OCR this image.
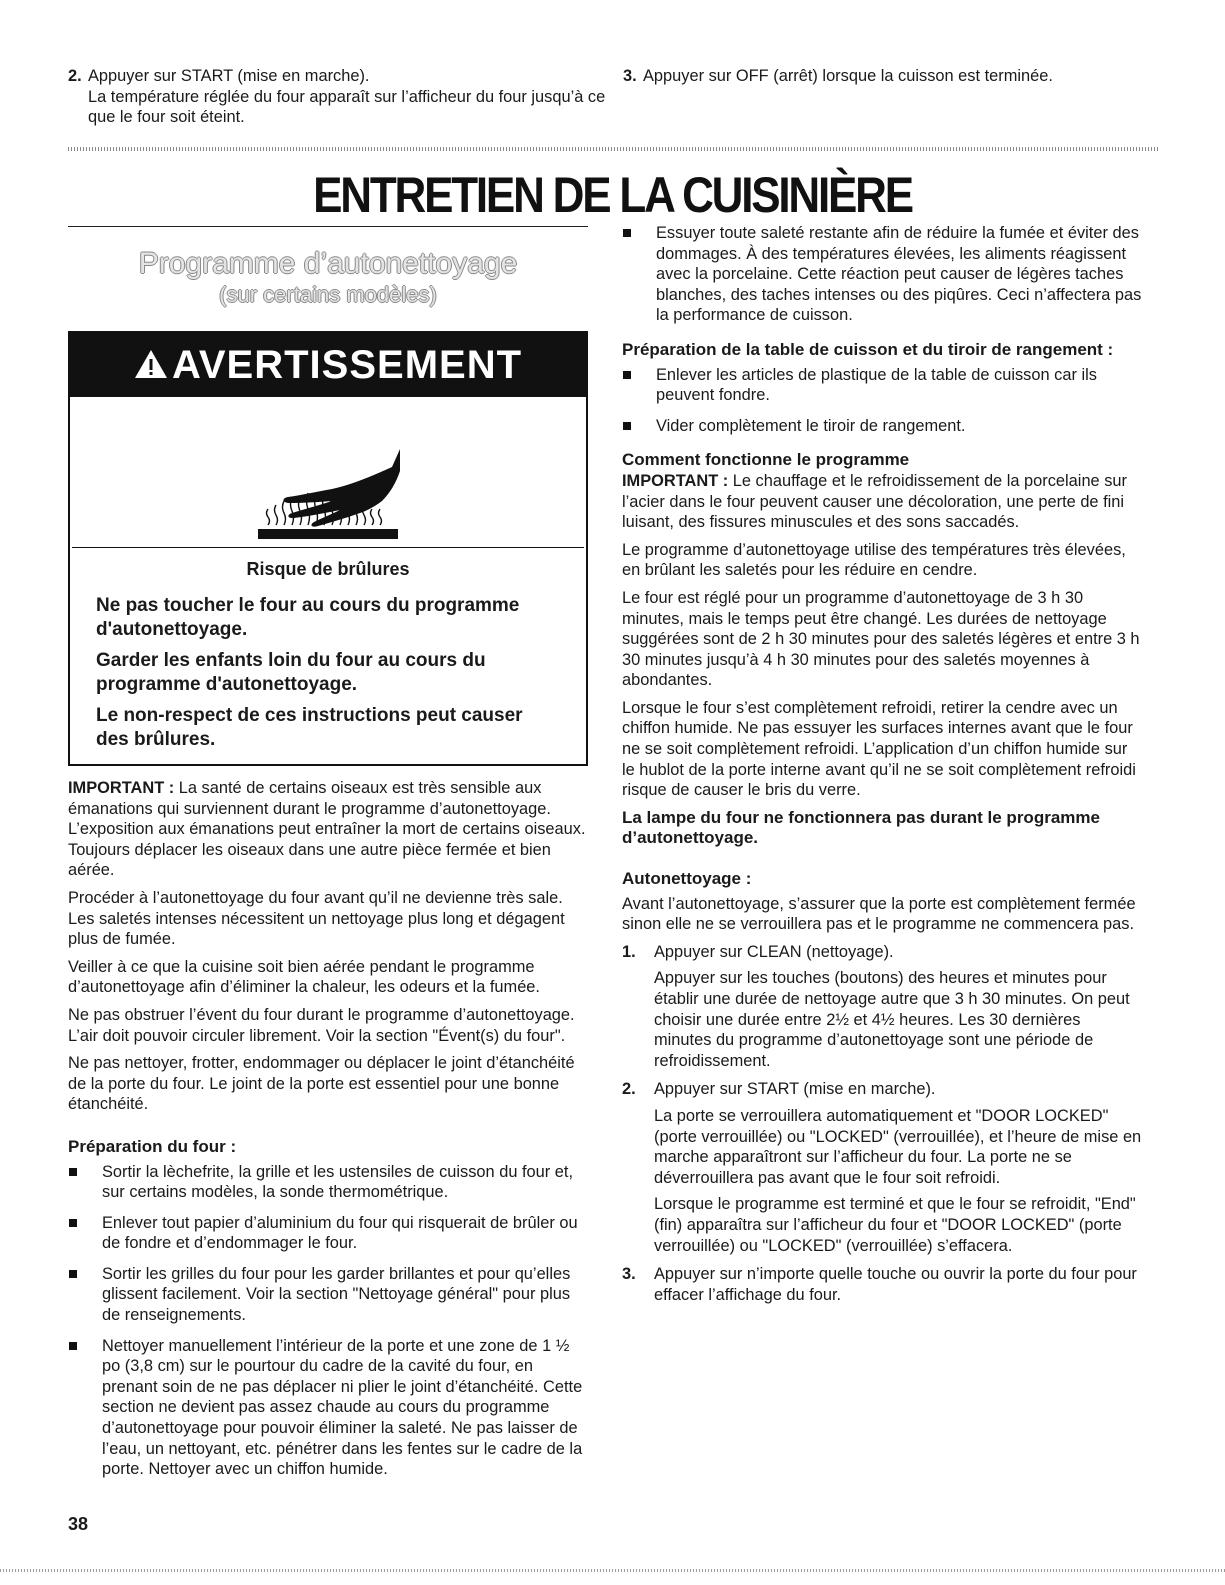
2. Appuyer sur START (mise en marche).
La température réglée du four apparaît sur l’afficheur du four jusqu’à ce que le four soit éteint.
3. Appuyer sur OFF (arrêt) lorsque la cuisson est terminée.
ENTRETIEN DE LA CUISINIÈRE
Programme d’autonettoyage
(sur certains modèles)
AVERTISSEMENT
Risque de brûlures

Ne pas toucher le four au cours du programme d'autonettoyage.

Garder les enfants loin du four au cours du programme d'autonettoyage.

Le non-respect de ces instructions peut causer des brûlures.

IMPORTANT : La santé de certains oiseaux est très sensible aux émanations qui surviennent durant le programme d’autonettoyage. L’exposition aux émanations peut entraîner la mort de certains oiseaux. Toujours déplacer les oiseaux dans une autre pièce fermée et bien aérée.

Procéder à l’autonettoyage du four avant qu’il ne devienne très sale. Les saletés intenses nécessitent un nettoyage plus long et dégagent plus de fumée.

Veiller à ce que la cuisine soit bien aérée pendant le programme d’autonettoyage afin d’éliminer la chaleur, les odeurs et la fumée.

Ne pas obstruer l’évent du four durant le programme d’autonettoyage. L’air doit pouvoir circuler librement. Voir la section "Évent(s) du four".

Ne pas nettoyer, frotter, endommager ou déplacer le joint d’étanchéité de la porte du four. Le joint de la porte est essentiel pour une bonne étanchéité.

Préparation du four :

Sortir la lèchefrite, la grille et les ustensiles de cuisson du four et, sur certains modèles, la sonde thermométrique.
Enlever tout papier d’aluminium du four qui risquerait de brûler ou de fondre et d’endommager le four.
Sortir les grilles du four pour les garder brillantes et pour qu’elles glissent facilement. Voir la section "Nettoyage général" pour plus de renseignements.
Nettoyer manuellement l’intérieur de la porte et une zone de 1 ½ po (3,8 cm) sur le pourtour du cadre de la cavité du four, en prenant soin de ne pas déplacer ni plier le joint d’étanchéité. Cette section ne devient pas assez chaude au cours du programme d’autonettoyage pour pouvoir éliminer la saleté. Ne pas laisser de l’eau, un nettoyant, etc. pénétrer dans les fentes sur le cadre de la porte. Nettoyer avec un chiffon humide.
Essuyer toute saleté restante afin de réduire la fumée et éviter des dommages. À des températures élevées, les aliments réagissent avec la porcelaine. Cette réaction peut causer de légères taches blanches, des taches intenses ou des piqûres. Ceci n’affectera pas la performance de cuisson.

Préparation de la table de cuisson et du tiroir de rangement :

Enlever les articles de plastique de la table de cuisson car ils peuvent fondre.
Vider complètement le tiroir de rangement.

Comment fonctionne le programme

IMPORTANT : Le chauffage et le refroidissement de la porcelaine sur l’acier dans le four peuvent causer une décoloration, une perte de fini luisant, des fissures minuscules et des sons saccadés.

Le programme d’autonettoyage utilise des températures très élevées, en brûlant les saletés pour les réduire en cendre.

Le four est réglé pour un programme d’autonettoyage de 3 h 30 minutes, mais le temps peut être changé. Les durées de nettoyage suggérées sont de 2 h 30 minutes pour des saletés légères et entre 3 h 30 minutes jusqu’à 4 h 30 minutes pour des saletés moyennes à abondantes.

Lorsque le four s’est complètement refroidi, retirer la cendre avec un chiffon humide. Ne pas essuyer les surfaces internes avant que le four ne se soit complètement refroidi. L’application d’un chiffon humide sur le hublot de la porte interne avant qu’il ne se soit complètement refroidi risque de causer le bris du verre.

La lampe du four ne fonctionnera pas durant le programme d’autonettoyage.

Autonettoyage :

Avant l’autonettoyage, s’assurer que la porte est complètement fermée sinon elle ne se verrouillera pas et le programme ne commencera pas.

1. Appuyer sur CLEAN (nettoyage).

Appuyer sur les touches (boutons) des heures et minutes pour établir une durée de nettoyage autre que 3 h 30 minutes. On peut choisir une durée entre 2½ et 4½ heures. Les 30 dernières minutes du programme d’autonettoyage sont une période de refroidissement.

2. Appuyer sur START (mise en marche).

La porte se verrouillera automatiquement et "DOOR LOCKED" (porte verrouillée) ou "LOCKED" (verrouillée), et l’heure de mise en marche apparaîtront sur l’afficheur du four. La porte ne se déverrouillera pas avant que le four soit refroidi.

Lorsque le programme est terminé et que le four se refroidit, "End" (fin) apparaîtra sur l’afficheur du four et "DOOR LOCKED" (porte verrouillée) ou "LOCKED" (verrouillée) s’effacera.

3. Appuyer sur n’importe quelle touche ou ouvrir la porte du four pour effacer l’affichage du four.

38
